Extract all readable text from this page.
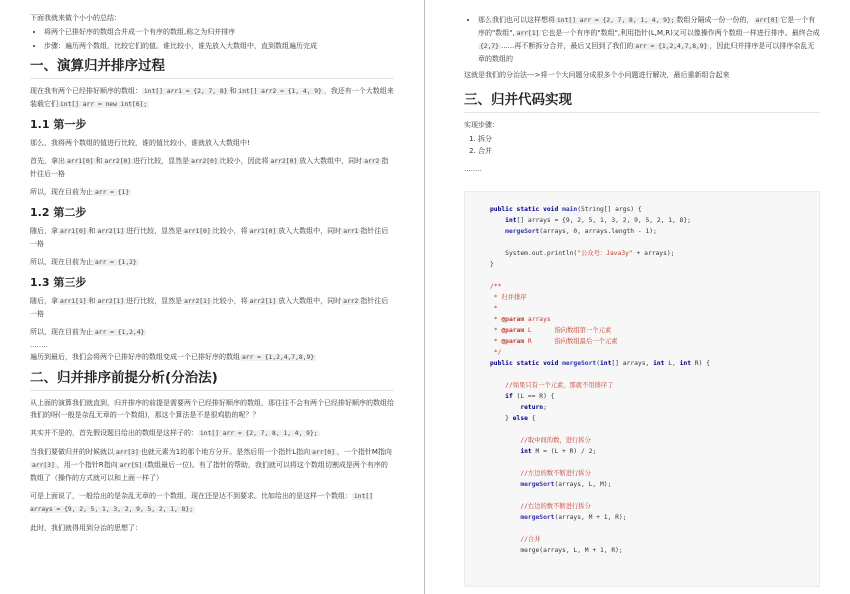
下面我就来做个小小的总结：

• 将两个已排好序的数组合并成一个有序的数组,称之为归并排序
• 步骤：遍历两个数组，比较它们的值。谁比较小，谁先放入大数组中，直到数组遍历完成
一、演算归并排序过程

现在我有两个已经排好顺序的数组： int[] arr1 = {2, 7, 8} 和 int[] arr2 = {1, 4, 9} ，我还有一个大数组来装载它们 int[] arr = new int[6];

1.1 第一步

那么，我将两个数组的值进行比较，谁的值比较小，谁就放入大数组中!

首先，拿出 arr1[0] 和 arr2[0] 进行比较，显然是 arr2[0] 比较小，因此将 arr2[0] 放入大数组中，同时 arr2 指针往后一格

所以，现在目前为止 arr = {1}

1.2 第二步

随后，拿 arr1[0] 和 arr2[1] 进行比较，显然是 arr1[0] 比较小，将 arr1[0] 放入大数组中，同时 arr1 指针往后一格

所以，现在目前为止 arr = {1,2}

1.3 第三步

随后，拿 arr1[1] 和 arr2[1] 进行比较，显然是 arr2[1] 比较小，将 arr2[1] 放入大数组中，同时 arr2 指针往后一格

所以，现在目前为止 arr = {1,2,4}

........

遍历到最后，我们会将两个已排好序的数组变成一个已排好序的数组 arr = {1,2,4,7,8,9}

二、归并排序前提分析(分治法)

从上面的演算我们就直到，归并排序的前提是需要两个已经排好顺序的数组，那往往不会有两个已经排好顺序的数组给我们的呀(一般是杂乱无章的一个数组)，那这个算法是不是很鸡肋的呢？？

其实并不是的，首先假设题目给出的数组是这样子的： int[] arr = {2, 7, 8, 1, 4, 9};

当我们要做归并的时候就以 arr[3] 也就元素为1的那个地方分开。是然后用一个指针L指向 arr[0] ，一个指针M指向arr[3] ，用一个指针R指向 arr[5] (数组最后一位)。有了指针的帮助，我们就可以将这个数组切割成是两个有序的数组了（操作的方式就可以和上面一样了）

可是上面说了，一般给出的是杂乱无章的一个数组，现在还是达不到要求。比如给出的是这样一个数组： int[] arrays = {9, 2, 5, 1, 3, 2, 9, 5, 2, 1, 8};

此时，我们就得用到分治的思想了：

• 那么我们也可以这样想将 int[] arr = {2, 7, 8, 1, 4, 9}; 数组分隔成一份一份的， arr[0] 它是一个有序的"数组", arr[1] 它也是一个有序的"数组",利用指针(L,M,R)又可以像操作两个数组一样进行排序。最终合成{2,7} ......再不断拆分合并，最后又回到了我们的 arr = {1,2,4,7,8,9} ，因此归并排序是可以排序杂乱无章的数组的

这就是我们的分治法--->将一个大问题分成很多个小问题进行解决，最后重新组合起来

三、归并代码实现

实现步骤：

1. 拆分
2. 合并

........

public static void main(String[] args) {
int[] arrays = {9, 2, 5, 1, 3, 2, 9, 5, 2, 1, 8};
mergeSort(arrays, 0, arrays.length - 1);

System.out.println("公众号：Java3y" + arrays);
}

/**
* 归并排序
*
* @param arrays
* @param L      指向数组第一个元素
* @param R      指向数组最后一个元素
*/
public static void mergeSort(int[] arrays, int L, int R) {

//如果只有一个元素，那就不用排序了
if (L == R) {
return;
} else {

//取中间的数，进行拆分
int M = (L + R) / 2;

//左边的数不断进行拆分
mergeSort(arrays, L, M);

//右边的数不断进行拆分
mergeSort(arrays, M + 1, R);

//合并
merge(arrays, L, M + 1, R);
